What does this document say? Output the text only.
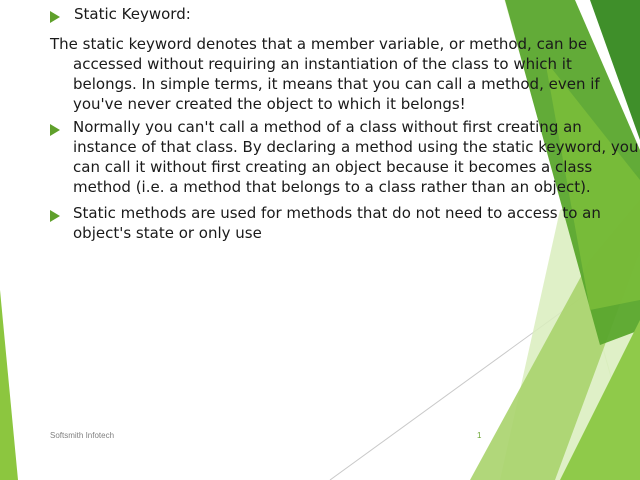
Static Keyword:

The static keyword denotes that a member variable, or method, can be

accessed without requiring an instantiation of the class to which it

belongs. In simple terms, it means that you can call a method, even if

you've never created the object to which it belongs!

Normally you can't call a method of a class without first creating an

instance of that class. By declaring a method using the static keyword, you

can call it without first creating an object because it becomes a class

method (i.e. a method that belongs to a class rather than an object).

Static methods are used for methods that do not need to access to an

object's state or only use

Softsmith Infotech	1
